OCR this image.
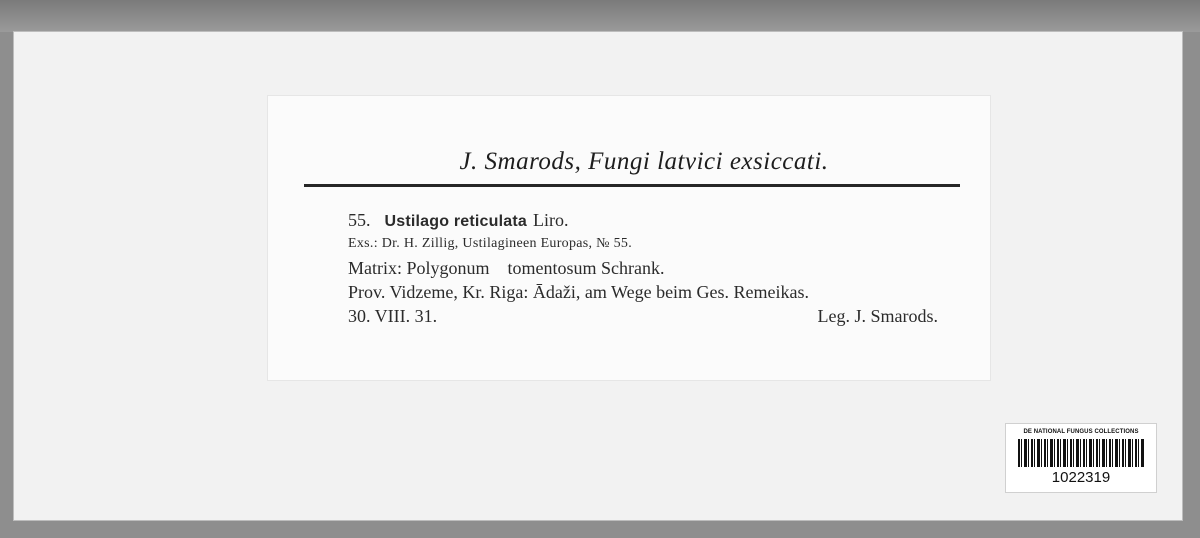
J. Smarods, Fungi latvici exsiccati.
55. Ustilago reticulata Liro.
Exs.: Dr. H. Zillig, Ustilagineen Europas, № 55.
Matrix: Polygonum tomentosum Schrank.
Prov. Vidzeme, Kr. Riga: Ādaži, am Wege beim Ges. Remeikas.
30. VIII. 31.	Leg. J. Smarods.
DE NATIONAL FUNGUS COLLECTIONS
1022319
